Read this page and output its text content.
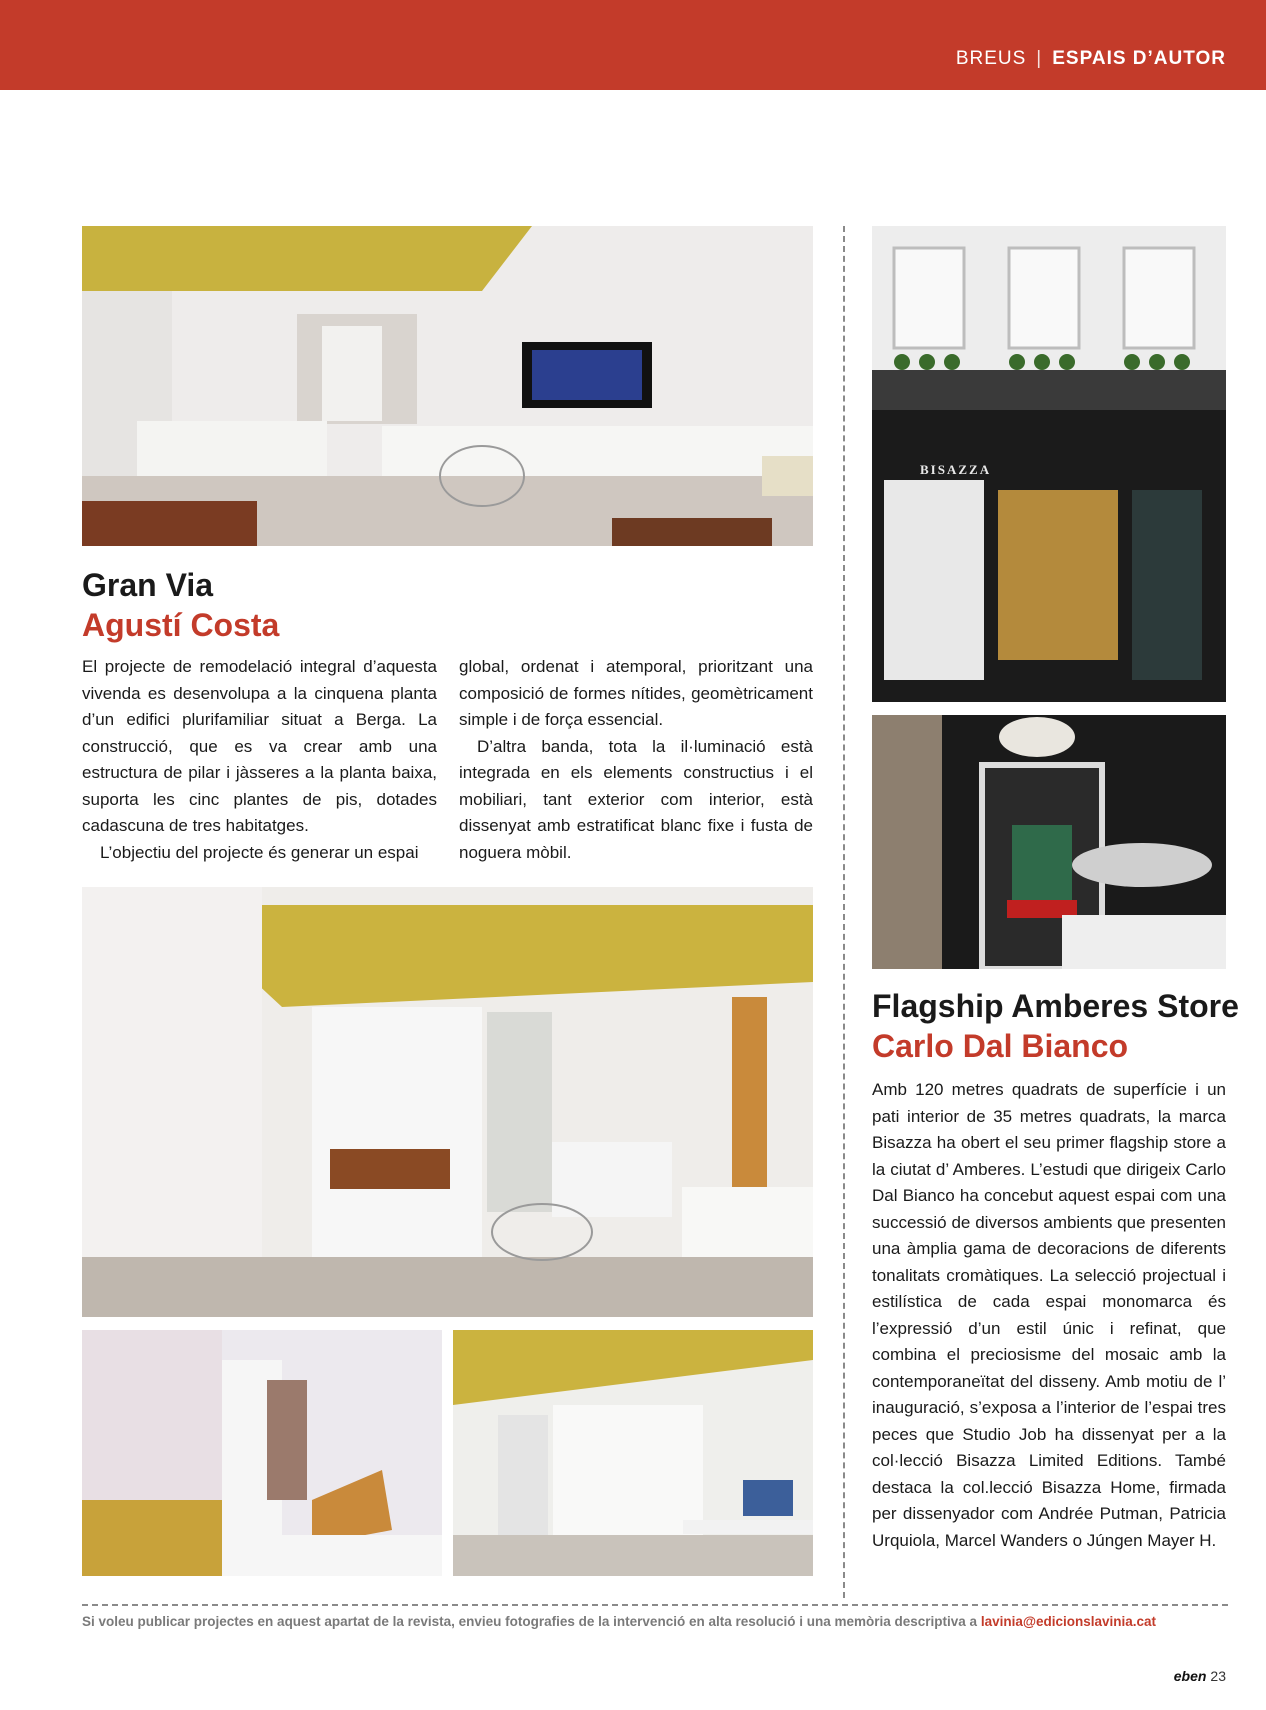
BREUS | ESPAIS D’AUTOR
BISAZZA
Gran Via
Agustí Costa

El projecte de remodelació integral d’aquesta vivenda es desenvolupa a la cinquena planta d’un edifici plurifamiliar situat a Berga. La construcció, que es va crear amb una estructura de pilar i jàsseres a la planta baixa, suporta les cinc plantes de pis, dotades cadascuna de tres habitatges.

L’objectiu del projecte és generar un espai

global, ordenat i atemporal, prioritzant una composició de formes nítides, geomètricament simple i de força essencial.

D’altra banda, tota la il·luminació està integrada en els elements constructius i el mobiliari, tant exterior com interior, està dissenyat amb estratificat blanc fixe i fusta de noguera mòbil.

Flagship Amberes Store
Carlo Dal Bianco

Amb 120 metres quadrats de superfície i un pati interior de 35 metres quadrats, la marca Bisazza ha obert el seu primer flagship store a la ciutat d’ Amberes. L’estudi que dirigeix Carlo Dal Bianco ha concebut aquest espai com una successió de diversos ambients que presenten una àmplia gama de decoracions de diferents tonalitats cromàtiques. La selecció projectual i estilística de cada espai monomarca és l’expressió d’un estil únic i refinat, que combina el preciosisme del mosaic amb la contemporaneïtat del disseny. Amb motiu de l’ inauguració, s’exposa a l’interior de l’espai tres peces que Studio Job ha dissenyat per a la col·lecció Bisazza Limited Editions. També destaca la col.lecció Bisazza Home, firmada per dissenyador com Andrée Putman, Patricia Urquiola, Marcel Wanders o Júngen Mayer H.

Si voleu publicar projectes en aquest apartat de la revista, envieu fotografies de la intervenció en alta resolució i una memòria descriptiva a lavinia@edicionslavinia.cat
eben 23
